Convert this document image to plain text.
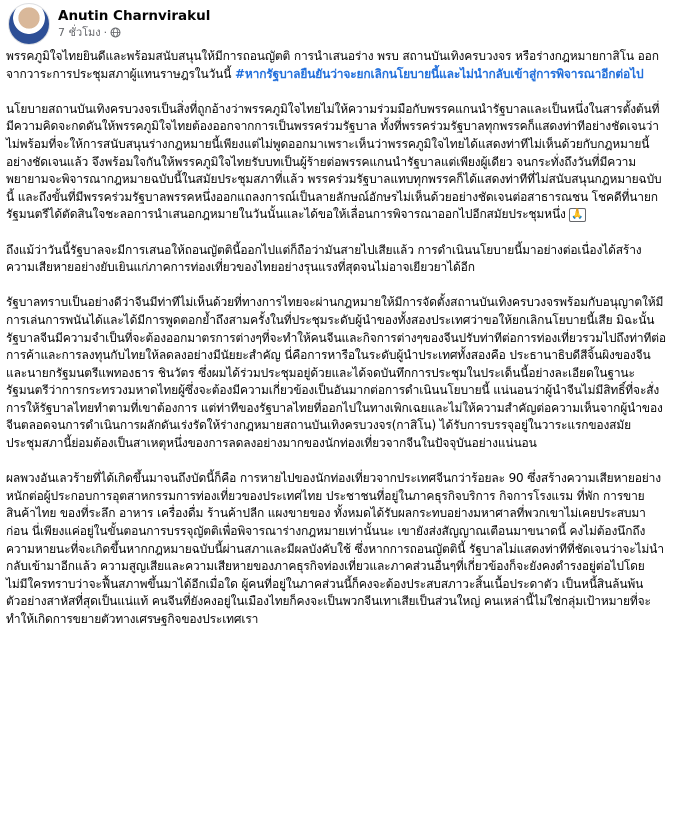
Anutin Charnvirakul
7 ชั่วโมง ·

พรรคภูมิใจไทยยินดีและพร้อมสนับสนุนให้มีการถอนญัตติ การนำเสนอร่าง พรบ สถานบันเทิงครบวงจร หรือร่างกฎหมายกาสิโน ออกจากวาระการประชุมสภาผู้แทนราษฎรในวันนี้ #หากรัฐบาลยืนยันว่าจะยกเลิกนโยบายนี้และไม่นำกลับเข้าสู่การพิจารณาอีกต่อไป

นโยบายสถานบันเทิงครบวงจรเป็นสิ่งที่ถูกอ้างว่าพรรคภูมิใจไทยไม่ให้ความร่วมมือกับพรรคแกนนำรัฐบาลและเป็นหนึ่งในสารตั้งต้นที่มีความคิดจะกดดันให้พรรคภูมิใจไทยต้องออกจากการเป็นพรรคร่วมรัฐบาล ทั้งที่พรรคร่วมรัฐบาลทุกพรรคก็แสดงท่าทีอย่างชัดเจนว่าไม่พร้อมที่จะให้การสนับสนุนร่างกฎหมายนี้เพียงแต่ไม่พูดออกมาเพราะเห็นว่าพรรคภูมิใจไทยได้แสดงท่าทีไม่เห็นด้วยกับกฎหมายนี้อย่างชัดเจนแล้ว จึงพร้อมใจกันให้พรรคภูมิใจไทยรับบทเป็นผู้ร้ายต่อพรรคแกนนำรัฐบาลแต่เพียงผู้เดียว จนกระทั่งถึงวันที่มีความพยายามจะพิจารณากฎหมายฉบับนี้ในสมัยประชุมสภาที่แล้ว พรรคร่วมรัฐบาลแทบทุกพรรคก็ได้แสดงท่าทีที่ไม่สนับสนุนกฎหมายฉบับนี้ และถึงขั้นที่มีพรรคร่วมรัฐบาลพรรคหนึ่งออกแถลงการณ์เป็นลายลักษณ์อักษรไม่เห็นด้วยอย่างชัดเจนต่อสาธารณชน โชคดีที่นายกรัฐมนตรีได้ตัดสินใจชะลอการนำเสนอกฎหมายในวันนั้นและได้ขอให้เลื่อนการพิจารณาออกไปอีกสมัยประชุมหนึ่ง 🙏

ถึงแม้ว่าวันนี้รัฐบาลจะมีการเสนอให้ถอนญัตตินี้ออกไปแต่ก็ถือว่ามันสายไปเสียแล้ว การดำเนินนโยบายนี้มาอย่างต่อเนื่องได้สร้างความเสียหายอย่างยับเยินแก่ภาคการท่องเที่ยวของไทยอย่างรุนแรงที่สุดจนไม่อาจเยียวยาได้อีก

รัฐบาลทราบเป็นอย่างดีว่าจีนมีท่าทีไม่เห็นด้วยที่ทางการไทยจะผ่านกฎหมายให้มีการจัดตั้งสถานบันเทิงครบวงจรพร้อมกับอนุญาตให้มีการเล่นการพนันได้และได้มีการพูดตอกย้ำถึงสามครั้งในที่ประชุมระดับผู้นำของทั้งสองประเทศว่าขอให้ยกเลิกนโยบายนี้เสีย มิฉะนั้นรัฐบาลจีนมีความจำเป็นที่จะต้องออกมาตรการต่างๆที่จะทำให้คนจีนและกิจการต่างๆของจีนปรับท่าทีต่อการท่องเที่ยวรวมไปถึงท่าทีต่อการค้าและการลงทุนกับไทยให้ลดลงอย่างมีนัยยะสำคัญ นี่คือการหารือในระดับผู้นำประเทศทั้งสองคือ ประธานาธิบดีสีจิ้นผิงของจีนและนายกรัฐมนตรีแพทองธาร ชินวัตร ซึ่งผมได้ร่วมประชุมอยู่ด้วยและได้จดบันทึกการประชุมในประเด็นนี้อย่างละเอียดในฐานะรัฐมนตรีว่าการกระทรวงมหาดไทยผู้ซึ่งจะต้องมีความเกี่ยวข้องเป็นอันมากต่อการดำเนินนโยบายนี้ แน่นอนว่าผู้นำจีนไม่มีสิทธิ์ที่จะสั่งการให้รัฐบาลไทยทำตามที่เขาต้องการ แต่ท่าทีของรัฐบาลไทยที่ออกไปในทางเพิกเฉยและไม่ให้ความสำคัญต่อความเห็นจากผู้นำของจีนตลอดจนการดำเนินการผลักดันเร่งรัดให้ร่างกฎหมายสถานบันเทิงครบวงจร(กาสิโน) ได้รับการบรรจุอยู่ในวาระแรกของสมัยประชุมสภานี้ย่อมต้องเป็นสาเหตุหนึ่งของการลดลงอย่างมากของนักท่องเที่ยวจากจีนในปัจจุบันอย่างแน่นอน

ผลพวงอันเลวร้ายที่ได้เกิดขึ้นมาจนถึงบัดนี้ก็คือ การหายไปของนักท่องเที่ยวจากประเทศจีนกว่าร้อยละ 90 ซึ่งสร้างความเสียหายอย่างหนักต่อผู้ประกอบการอุตสาหกรรมการท่องเที่ยวของประเทศไทย ประชาชนที่อยู่ในภาคธุรกิจบริการ กิจการโรงแรม ที่พัก การขายสินค้าไทย ของที่ระลึก อาหาร เครื่องดื่ม ร้านค้าปลีก แผงขายของ ทั้งหมดได้รับผลกระทบอย่างมหาศาลที่พวกเขาไม่เคยประสบมาก่อน นี่เพียงแค่อยู่ในขั้นตอนการบรรจุญัตติเพื่อพิจารณาร่างกฎหมายเท่านั้นนะ เขายังส่งสัญญาณเตือนมาขนาดนี้ คงไม่ต้องนึกถึงความหายนะที่จะเกิดขึ้นหากกฎหมายฉบับนี้ผ่านสภาและมีผลบังคับใช้ ซึ่งหากการถอนญัตตินี้ รัฐบาลไม่แสดงท่าทีที่ชัดเจนว่าจะไม่นำกลับเข้ามาอีกแล้ว ความสูญเสียและความเสียหายของภาคธุรกิจท่องเที่ยวและภาคส่วนอื่นๆที่เกี่ยวข้องก็จะยังคงดำรงอยู่ต่อไปโดยไม่มีใครทราบว่าจะฟื้นสภาพขึ้นมาได้อีกเมื่อใด ผู้คนที่อยู่ในภาคส่วนนี้ก็คงจะต้องประสบสภาวะสิ้นเนื้อประดาตัว เป็นหนี้สินล้นพ้นตัวอย่างสาหัสที่สุดเป็นแน่แท้ คนจีนที่ยังคงอยู่ในเมืองไทยก็คงจะเป็นพวกจีนเทาเสียเป็นส่วนใหญ่ คนเหล่านี้ไม่ใช่กลุ่มเป้าหมายที่จะทำให้เกิดการขยายตัวทางเศรษฐกิจของประเทศเรา
